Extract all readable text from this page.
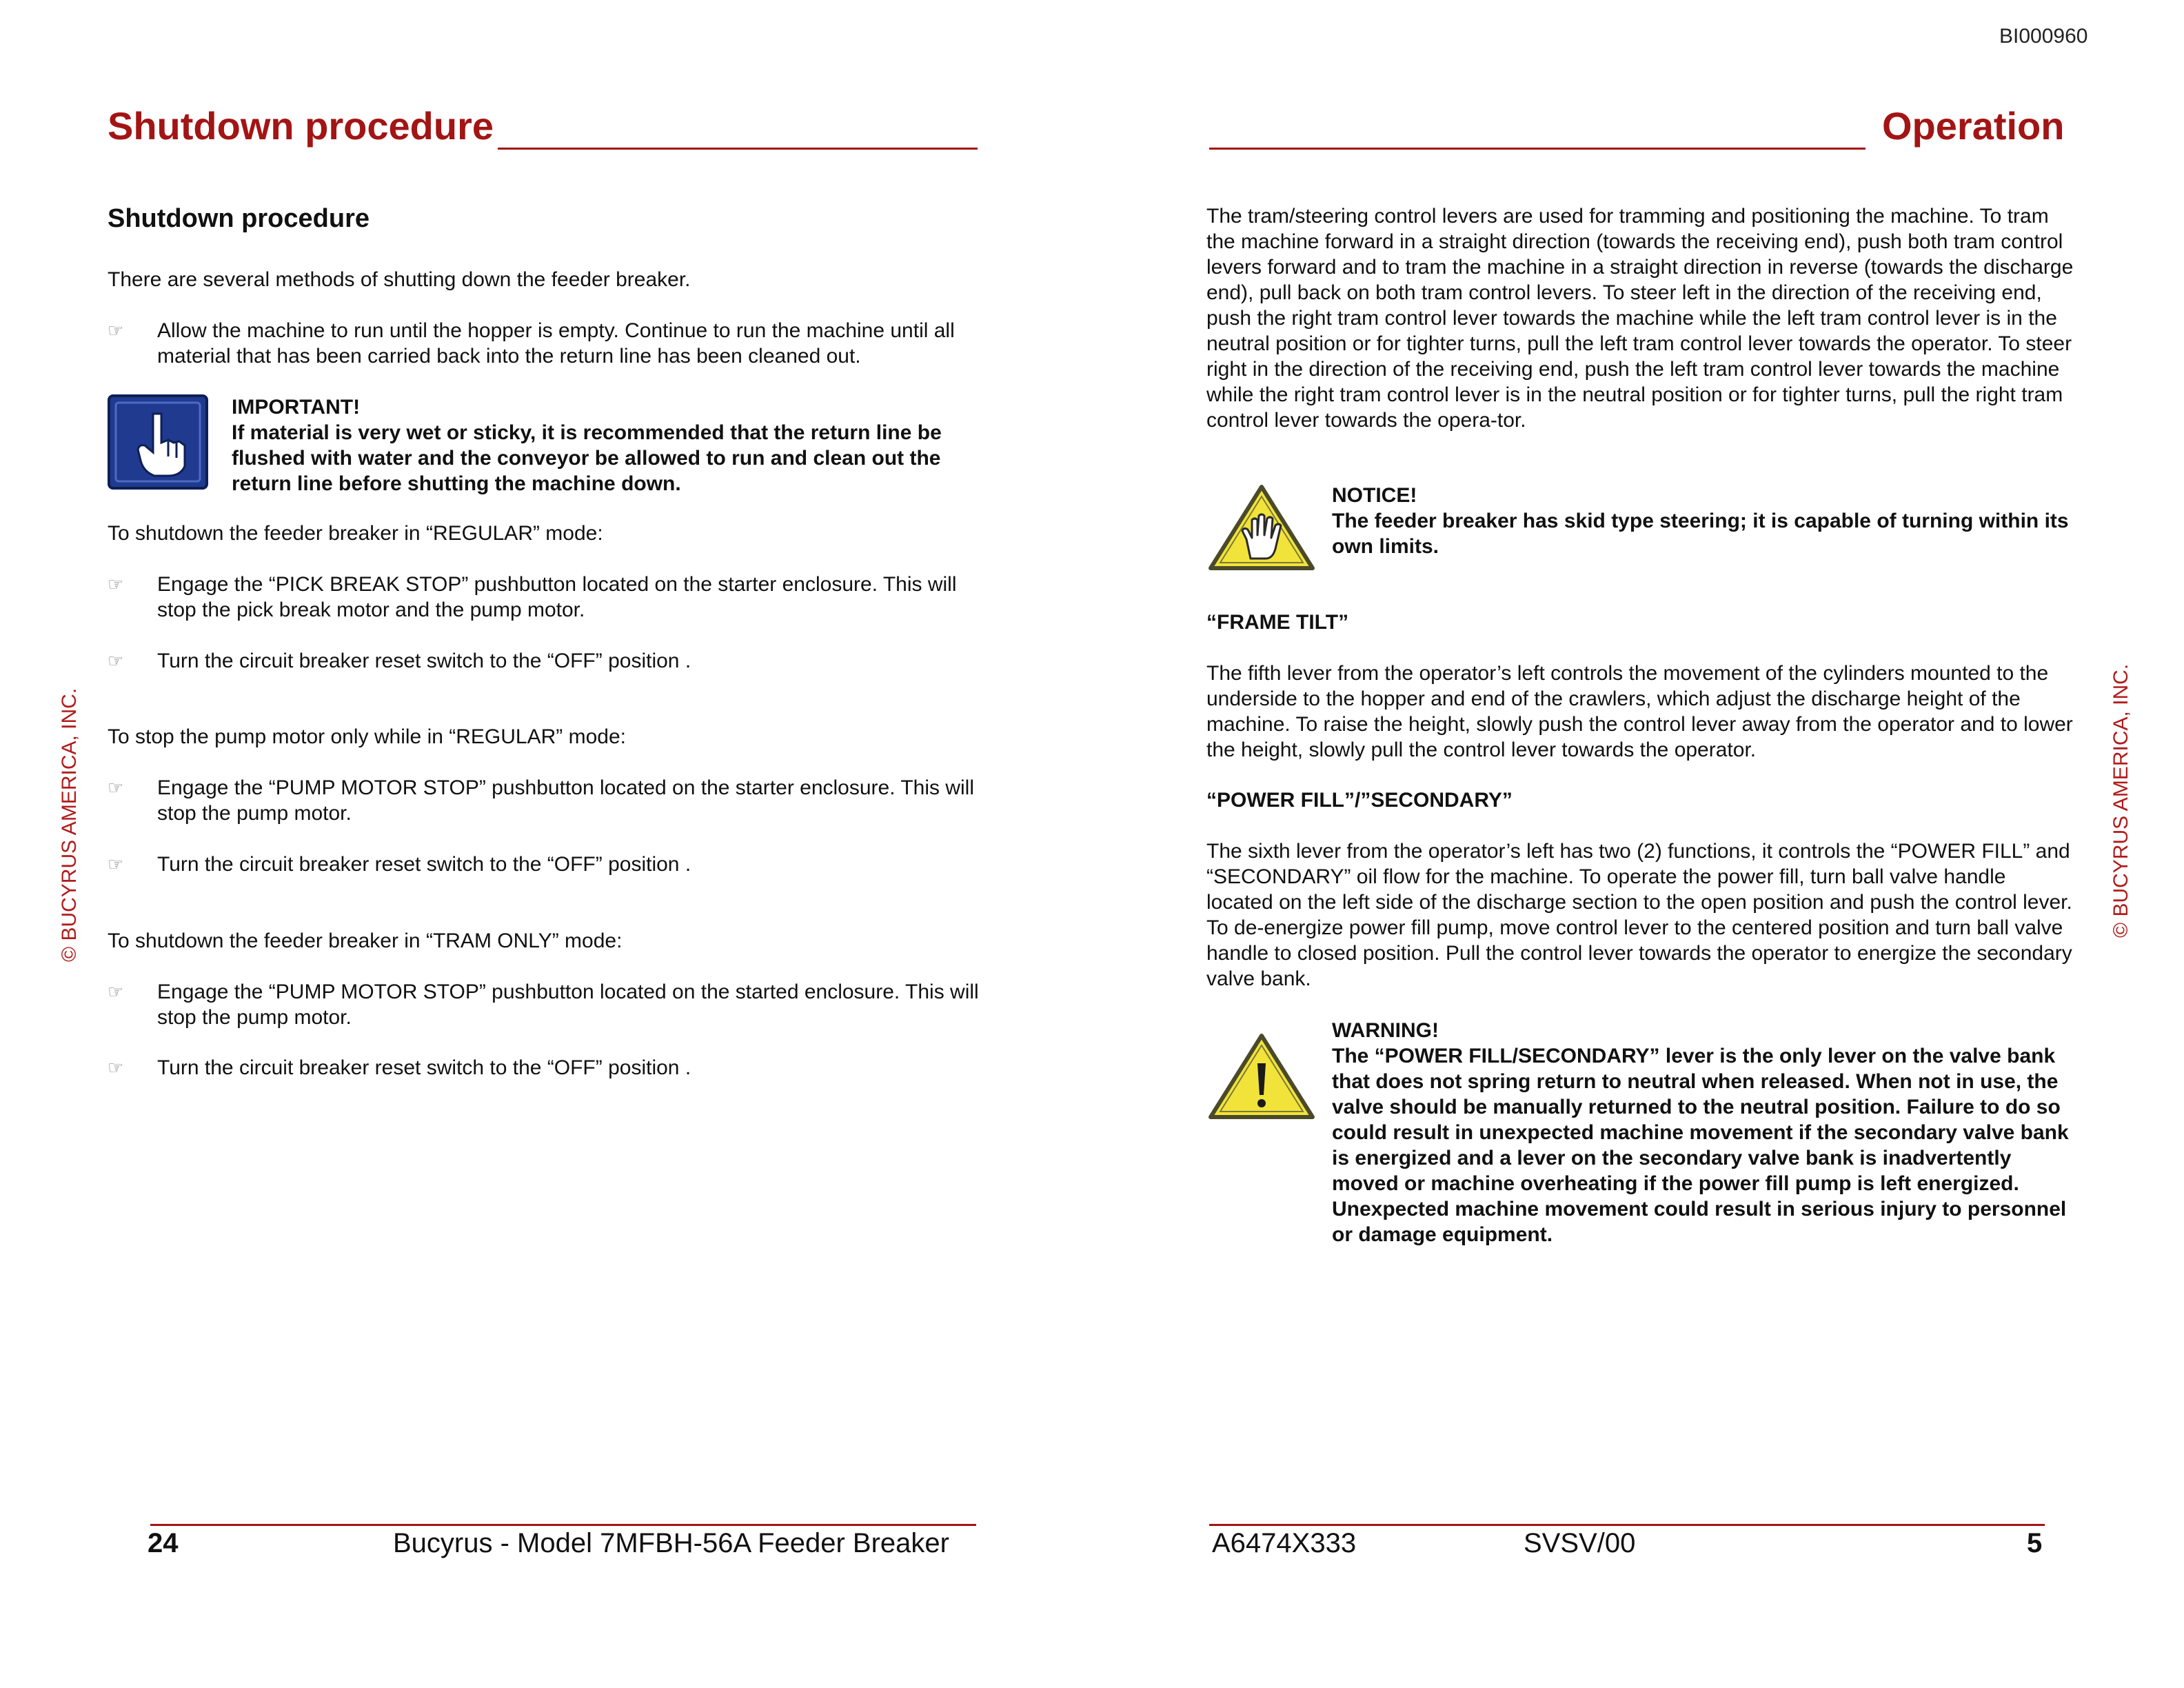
BI000960
© BUCYRUS AMERICA, INC.
Shutdown procedure
Shutdown procedure
There are several methods of shutting down the feeder breaker.
☞	Allow the machine to run until the hopper is empty. Continue to run the machine until all material that has been carried back into the return line has been cleaned out.
IMPORTANT!
If material is very wet or sticky, it is recommended that the return line be flushed with water and the conveyor be allowed to run and clean out the return line before shutting the machine down.
To shutdown the feeder breaker in “REGULAR” mode:
☞	Engage the “PICK BREAK STOP” pushbutton located on the starter enclosure. This will stop the pick break motor and the pump motor.
☞	Turn the circuit breaker reset switch to the “OFF” position .
To stop the pump motor only while in “REGULAR” mode:
☞	Engage the “PUMP MOTOR STOP” pushbutton located on the starter enclosure. This will stop the pump motor.
☞	Turn the circuit breaker reset switch to the “OFF” position .
To shutdown the feeder breaker in “TRAM ONLY” mode:
☞	Engage the “PUMP MOTOR STOP” pushbutton located on the started enclosure. This will stop the pump motor.
☞	Turn the circuit breaker reset switch to the “OFF” position .
24	Bucyrus - Model 7MFBH-56A Feeder Breaker
© BUCYRUS AMERICA, INC.
Operation
The tram/steering control levers are used for tramming and positioning the machine. To tram the machine forward in a straight direction (towards the receiving end), push both tram control levers forward and to tram the machine in a straight direction in reverse (towards the discharge end), pull back on both tram control levers. To steer left in the direction of the receiving end, push the right tram control lever towards the machine while the left tram control lever is in the neutral position or for tighter turns, pull the left tram control lever towards the operator. To steer right in the direction of the receiving end, push the left tram control lever towards the machine while the right tram control lever is in the neutral position or for tighter turns, pull the right tram control lever towards the opera-tor.
NOTICE!
The feeder breaker has skid type steering; it is capable of turning within its own limits.
“FRAME TILT”
The fifth lever from the operator’s left controls the movement of the cylinders mounted to the underside to the hopper and end of the crawlers, which adjust the discharge height of the machine. To raise the height, slowly push the control lever away from the operator and to lower the height, slowly pull the control lever towards the operator.
“POWER FILL”/”SECONDARY”
The sixth lever from the operator’s left has two (2) functions, it controls the “POWER FILL” and “SECONDARY” oil flow for the machine. To operate the power fill, turn ball valve handle located on the left side of the discharge section to the open position and push the control lever. To de-energize power fill pump, move control lever to the centered position and turn ball valve handle to closed position. Pull the control lever towards the operator to energize the secondary valve bank.
WARNING!
The “POWER FILL/SECONDARY” lever is the only lever on the valve bank that does not spring return to neutral when released. When not in use, the valve should be manually returned to the neutral position. Failure to do so could result in unexpected machine movement if the secondary valve bank is energized and a lever on the secondary valve bank is inadvertently moved or machine overheating if the power fill pump is left energized. Unexpected machine movement could result in serious injury to personnel or damage equipment.
A6474X333	SVSV/00	5
